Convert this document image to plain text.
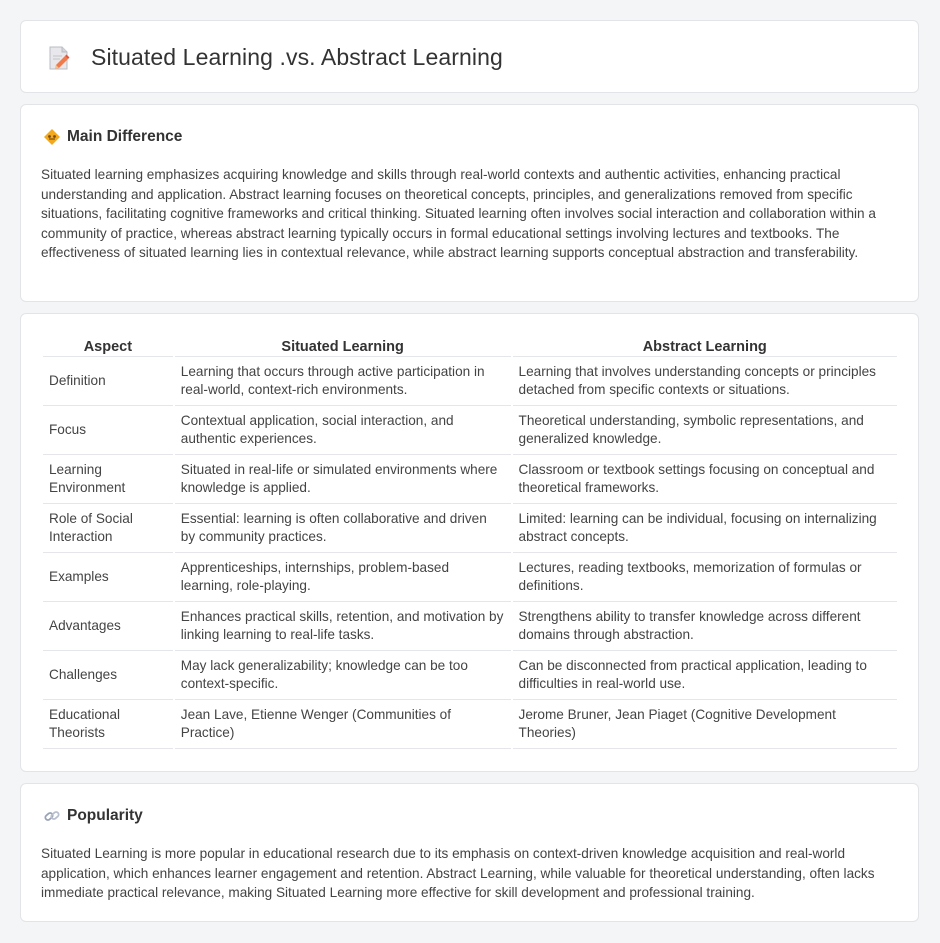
Situated Learning .vs. Abstract Learning
Main Difference

Situated learning emphasizes acquiring knowledge and skills through real-world contexts and authentic activities, enhancing practical understanding and application. Abstract learning focuses on theoretical concepts, principles, and generalizations removed from specific situations, facilitating cognitive frameworks and critical thinking. Situated learning often involves social interaction and collaboration within a community of practice, whereas abstract learning typically occurs in formal educational settings involving lectures and textbooks. The effectiveness of situated learning lies in contextual relevance, while abstract learning supports conceptual abstraction and transferability.

Aspect	Situated Learning	Abstract Learning
Definition	Learning that occurs through active participation in real-world, context-rich environments.	Learning that involves understanding concepts or principles detached from specific contexts or situations.
Focus	Contextual application, social interaction, and authentic experiences.	Theoretical understanding, symbolic representations, and generalized knowledge.
Learning Environment	Situated in real-life or simulated environments where knowledge is applied.	Classroom or textbook settings focusing on conceptual and theoretical frameworks.
Role of Social Interaction	Essential: learning is often collaborative and driven by community practices.	Limited: learning can be individual, focusing on internalizing abstract concepts.
Examples	Apprenticeships, internships, problem-based learning, role-playing.	Lectures, reading textbooks, memorization of formulas or definitions.
Advantages	Enhances practical skills, retention, and motivation by linking learning to real-life tasks.	Strengthens ability to transfer knowledge across different domains through abstraction.
Challenges	May lack generalizability; knowledge can be too context-specific.	Can be disconnected from practical application, leading to difficulties in real-world use.
Educational Theorists	Jean Lave, Etienne Wenger (Communities of Practice)	Jerome Bruner, Jean Piaget (Cognitive Development Theories)
Popularity

Situated Learning is more popular in educational research due to its emphasis on context-driven knowledge acquisition and real-world application, which enhances learner engagement and retention. Abstract Learning, while valuable for theoretical understanding, often lacks immediate practical relevance, making Situated Learning more effective for skill development and professional training.
